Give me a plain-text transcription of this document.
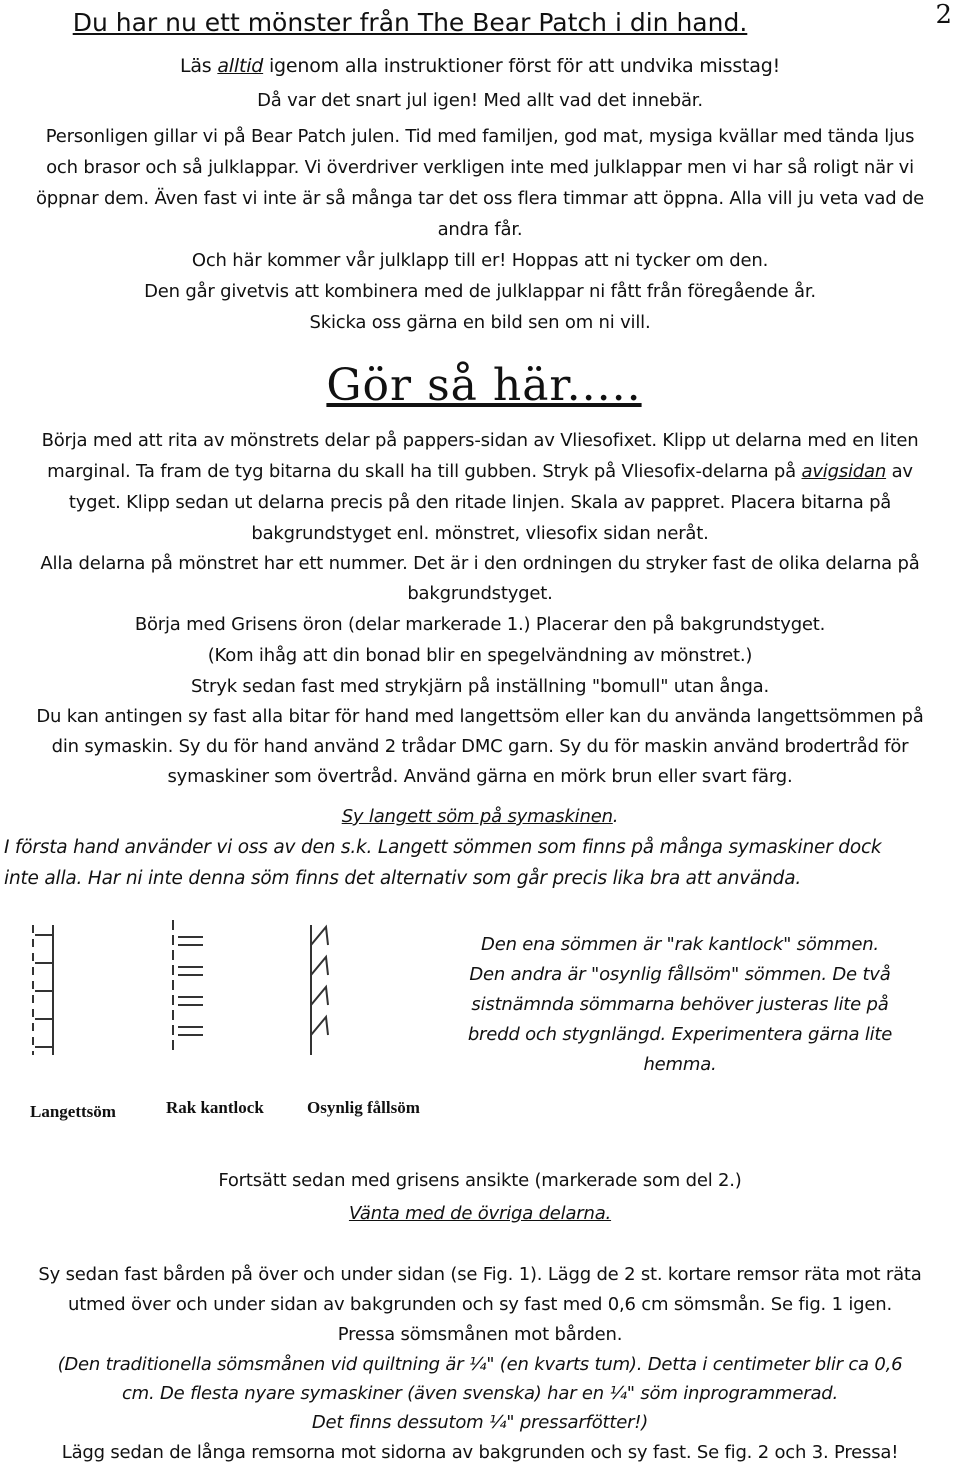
2
Du har nu ett mönster från The Bear Patch i din hand.
Läs alltid igenom alla instruktioner först för att undvika misstag!
Då var det snart jul igen! Med allt vad det innebär.
Personligen gillar vi på Bear Patch julen. Tid med familjen, god mat, mysiga kvällar med tända ljus
och brasor och så julklappar. Vi överdriver verkligen inte med julklappar men vi har så roligt när vi
öppnar dem. Även fast vi inte är så många tar det oss flera timmar att öppna. Alla vill ju veta vad de
andra får.
Och här kommer vår julklapp till er! Hoppas att ni tycker om den.
Den går givetvis att kombinera med de julklappar ni fått från föregående år.
Skicka oss gärna en bild sen om ni vill.
Gör så här.....
Börja med att rita av mönstrets delar på pappers-sidan av Vliesofixet. Klipp ut delarna med en liten
marginal. Ta fram de tyg bitarna du skall ha till gubben. Stryk på Vliesofix-delarna på avigsidan av
tyget. Klipp sedan ut delarna precis på den ritade linjen. Skala av pappret. Placera bitarna på
bakgrundstyget enl. mönstret, vliesofix sidan neråt.
Alla delarna på mönstret har ett nummer. Det är i den ordningen du stryker fast de olika delarna på
bakgrundstyget.
Börja med Grisens öron (delar markerade 1.) Placerar den på bakgrundstyget.
(Kom ihåg att din bonad blir en spegelvändning av mönstret.)
Stryk sedan fast med strykjärn på inställning "bomull" utan ånga.
Du kan antingen sy fast alla bitar för hand med langettsöm eller kan du använda langettsömmen på
din symaskin. Sy du för hand använd 2 trådar DMC garn. Sy du för maskin använd brodertråd för
symaskiner som övertråd. Använd gärna en mörk brun eller svart färg.
Sy langett söm på symaskinen.
I första hand använder vi oss av den s.k. Langett sömmen som finns på många symaskiner dock
inte alla. Har ni inte denna söm finns det alternativ som går precis lika bra att använda.
Langettsöm	Rak kantlock	Osynlig fållsöm
Den ena sömmen är "rak kantlock" sömmen.
Den andra är "osynlig fållsöm" sömmen. De två
sistnämnda sömmarna behöver justeras lite på
bredd och stygnlängd. Experimentera gärna lite
hemma.
Fortsätt sedan med grisens ansikte (markerade som del 2.)
Vänta med de övriga delarna.
Sy sedan fast bården på över och under sidan (se Fig. 1). Lägg de 2 st. kortare remsor räta mot räta
utmed över och under sidan av bakgrunden och sy fast med 0,6 cm sömsmån. Se fig. 1 igen.
Pressa sömsmånen mot bården.
(Den traditionella sömsmånen vid quiltning är ¼" (en kvarts tum). Detta i centimeter blir ca 0,6
cm. De flesta nyare symaskiner (även svenska) har en ¼" söm inprogrammerad.
Det finns dessutom ¼" pressarfötter!)
Lägg sedan de långa remsorna mot sidorna av bakgrunden och sy fast. Se fig. 2 och 3. Pressa!
